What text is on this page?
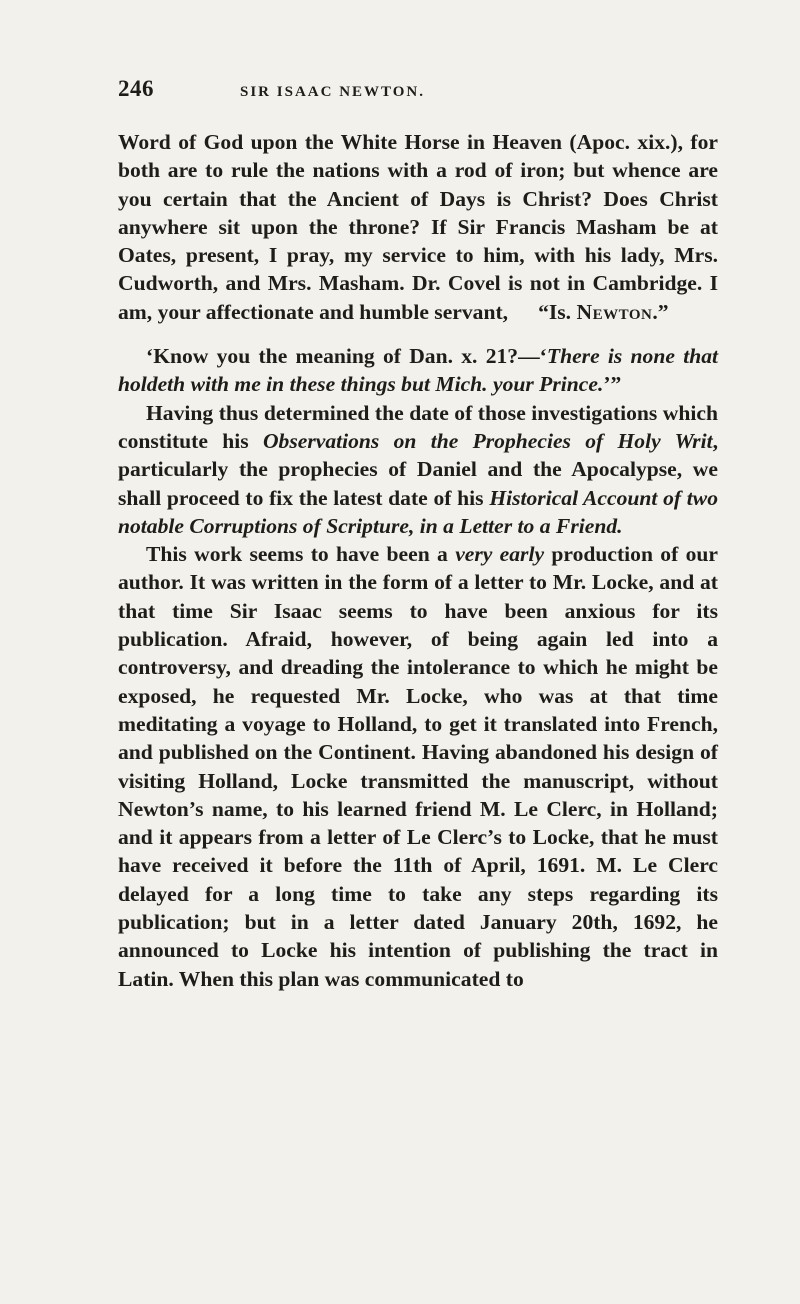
246	SIR ISAAC NEWTON.

Word of God upon the White Horse in Heaven (Apoc. xix.), for both are to rule the nations with a rod of iron; but whence are you certain that the Ancient of Days is Christ? Does Christ anywhere sit upon the throne? If Sir Francis Masham be at Oates, present, I pray, my service to him, with his lady, Mrs. Cudworth, and Mrs. Masham. Dr. Covel is not in Cambridge. I am, your affectionate and humble servant, “Is. Newton.”

‘Know you the meaning of Dan. x. 21?—‘There is none that holdeth with me in these things but Mich. your Prince.’”

Having thus determined the date of those investigations which constitute his Observations on the Prophecies of Holy Writ, particularly the prophecies of Daniel and the Apocalypse, we shall proceed to fix the latest date of his Historical Account of two notable Corruptions of Scripture, in a Letter to a Friend.

This work seems to have been a very early production of our author. It was written in the form of a letter to Mr. Locke, and at that time Sir Isaac seems to have been anxious for its publication. Afraid, however, of being again led into a controversy, and dreading the intolerance to which he might be exposed, he requested Mr. Locke, who was at that time meditating a voyage to Holland, to get it translated into French, and published on the Continent. Having abandoned his design of visiting Holland, Locke transmitted the manuscript, without Newton’s name, to his learned friend M. Le Clerc, in Holland; and it appears from a letter of Le Clerc’s to Locke, that he must have received it before the 11th of April, 1691. M. Le Clerc delayed for a long time to take any steps regarding its publication; but in a letter dated January 20th, 1692, he announced to Locke his intention of publishing the tract in Latin. When this plan was communicated to
